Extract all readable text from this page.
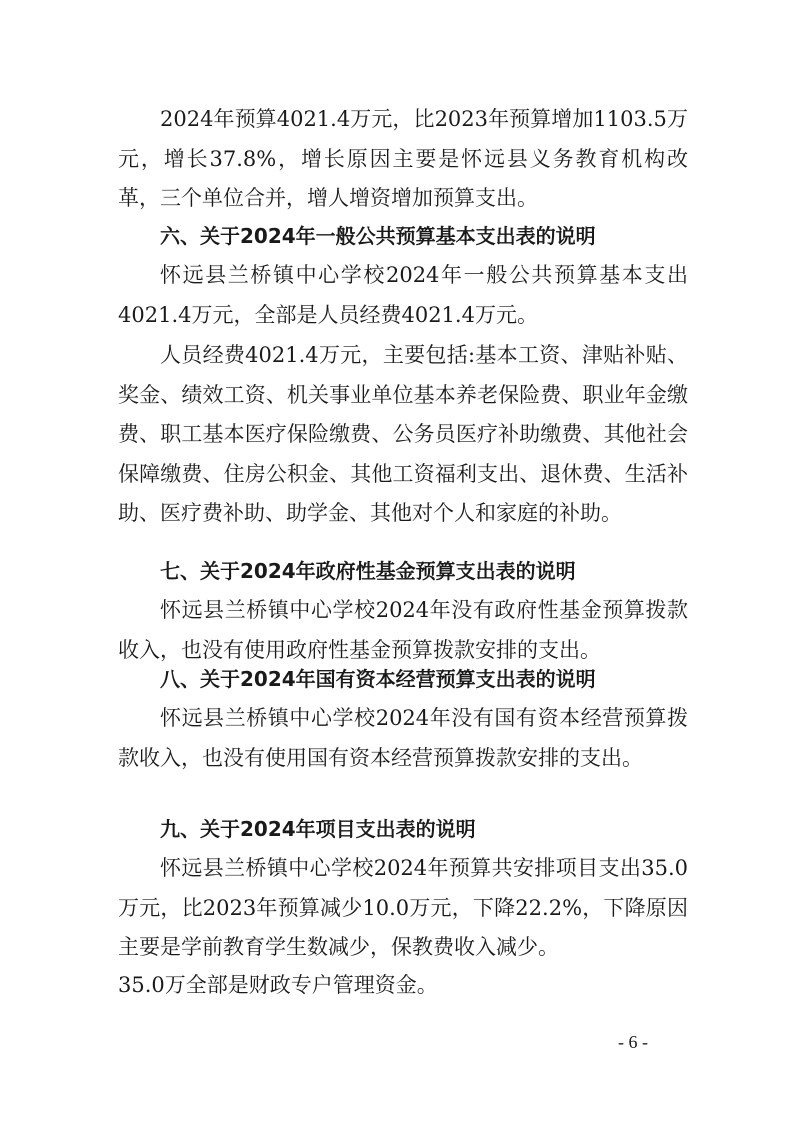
2024年预算4021.4万元，比2023年预算增加1103.5万元，增长37.8%，增长原因主要是怀远县义务教育机构改革，三个单位合并，增人增资增加预算支出。

六、关于2024年一般公共预算基本支出表的说明

怀远县兰桥镇中心学校2024年一般公共预算基本支出4021.4万元，全部是人员经费4021.4万元。

人员经费4021.4万元，主要包括:基本工资、津贴补贴、奖金、绩效工资、机关事业单位基本养老保险费、职业年金缴费、职工基本医疗保险缴费、公务员医疗补助缴费、其他社会保障缴费、住房公积金、其他工资福利支出、退休费、生活补助、医疗费补助、助学金、其他对个人和家庭的补助。

七、关于2024年政府性基金预算支出表的说明

怀远县兰桥镇中心学校2024年没有政府性基金预算拨款收入，也没有使用政府性基金预算拨款安排的支出。

八、关于2024年国有资本经营预算支出表的说明

怀远县兰桥镇中心学校2024年没有国有资本经营预算拨款收入，也没有使用国有资本经营预算拨款安排的支出。

九、关于2024年项目支出表的说明

怀远县兰桥镇中心学校2024年预算共安排项目支出35.0万元，比2023年预算减少10.0万元，下降22.2%，下降原因主要是学前教育学生数减少，保教费收入减少。

35.0万全部是财政专户管理资金。

- 6 -
